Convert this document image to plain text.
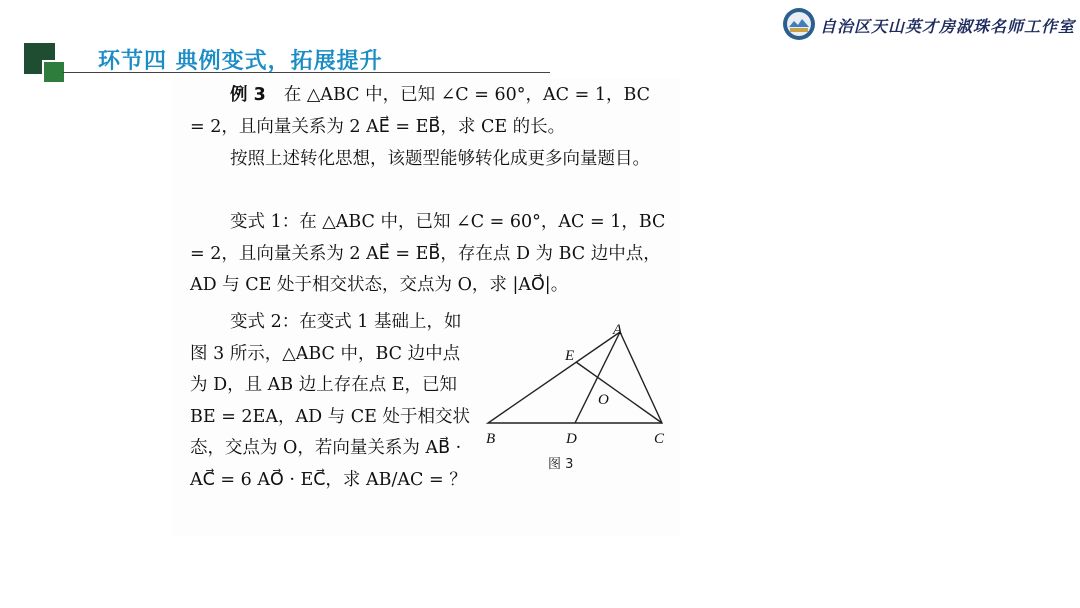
环节四 典例变式，拓展提升
自治区天山英才房淑珠名师工作室
例 3 在 △ABC 中，已知 ∠C = 60°，AC = 1，BC = 2，且向量关系为 2 AE⃗ = EB⃗，求 CE 的长。
按照上述转化思想，该题型能够转化成更多向量题目。
变式 1：在 △ABC 中，已知 ∠C = 60°，AC = 1，BC = 2，且向量关系为 2 AE⃗ = EB⃗，存在点 D 为 BC 边中点，AD 与 CE 处于相交状态，交点为 O，求 |AO⃗|。
变式 2：在变式 1 基础上，如图 3 所示，△ABC 中，BC 边中点为 D，且 AB 边上存在点 E，已知 BE = 2EA，AD 与 CE 处于相交状态，交点为 O，若向量关系为 AB⃗ · AC⃗ = 6 AO⃗ · EC⃗，求 AB/AC = ？
A
E
O
B	D	C
图 3
